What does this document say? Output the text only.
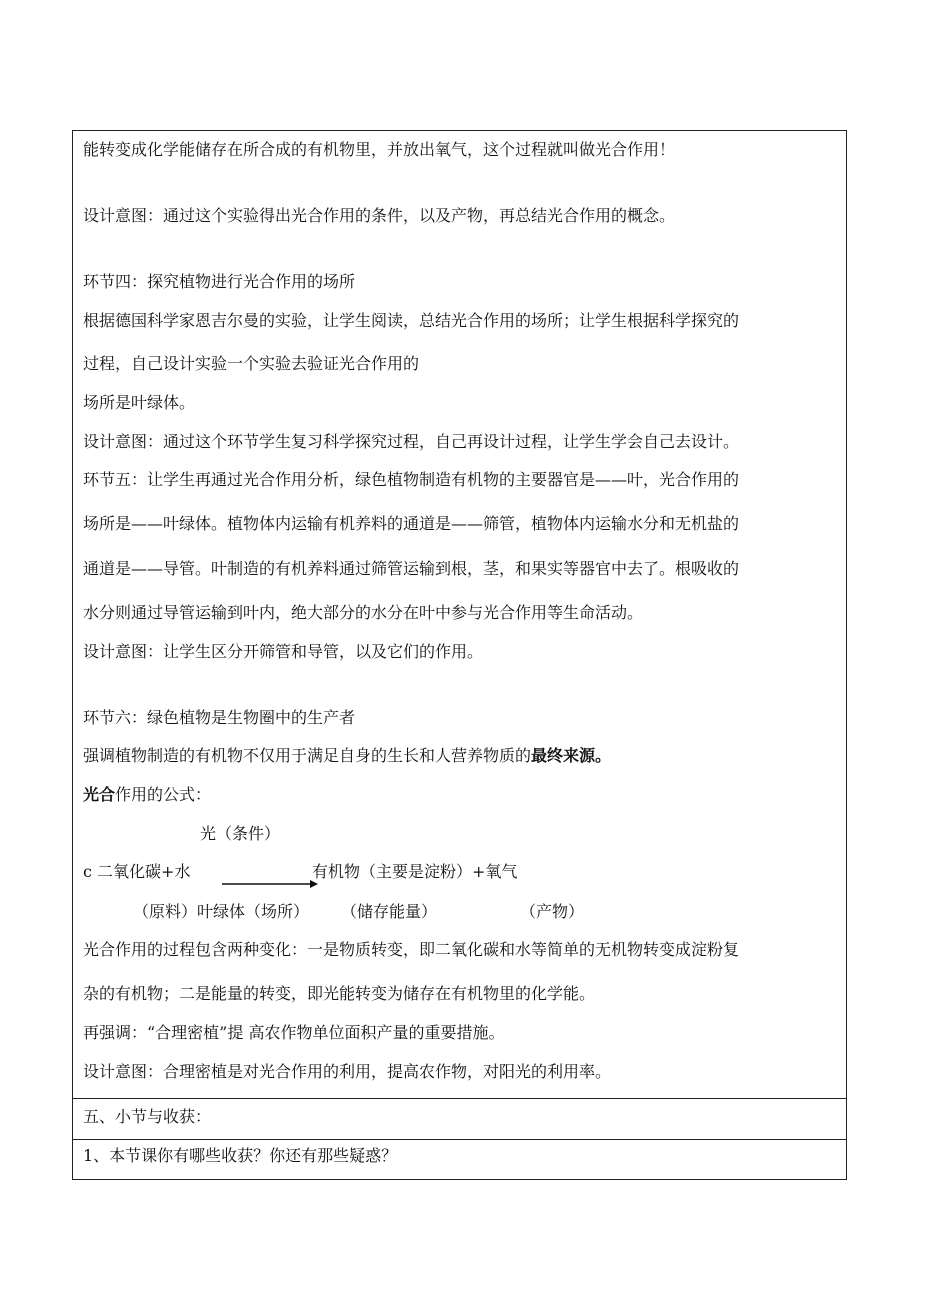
能转变成化学能储存在所合成的有机物里，并放出氧气，这个过程就叫做光合作用！
设计意图：通过这个实验得出光合作用的条件，以及产物，再总结光合作用的概念。
环节四：探究植物进行光合作用的场所
根据德国科学家恩吉尔曼的实验，让学生阅读，总结光合作用的场所；让学生根据科学探究的
过程，自己设计实验一个实验去验证光合作用的
场所是叶绿体。
设计意图：通过这个环节学生复习科学探究过程，自己再设计过程，让学生学会自己去设计。
环节五：让学生再通过光合作用分析，绿色植物制造有机物的主要器官是——叶，光合作用的
场所是——叶绿体。植物体内运输有机养料的通道是——筛管，植物体内运输水分和无机盐的
通道是——导管。叶制造的有机养料通过筛管运输到根，茎，和果实等器官中去了。根吸收的
水分则通过导管运输到叶内，绝大部分的水分在叶中参与光合作用等生命活动。
设计意图：让学生区分开筛管和导管，以及它们的作用。
环节六：绿色植物是生物圈中的生产者
强调植物制造的有机物不仅用于满足自身的生长和人营养物质的最终来源。
光合作用的公式：
光（条件）
c 二氧化碳+水	有机物（主要是淀粉）+氧气
（原料）叶绿体（场所） （储存能量）	（产物）
光合作用的过程包含两种变化：一是物质转变，即二氧化碳和水等简单的无机物转变成淀粉复
杂的有机物；二是能量的转变，即光能转变为储存在有机物里的化学能。
再强调：“合理密植”提 高农作物单位面积产量的重要措施。
设计意图：合理密植是对光合作用的利用，提高农作物，对阳光的利用率。
五、小节与收获：
1、本节课你有哪些收获？你还有那些疑惑？
